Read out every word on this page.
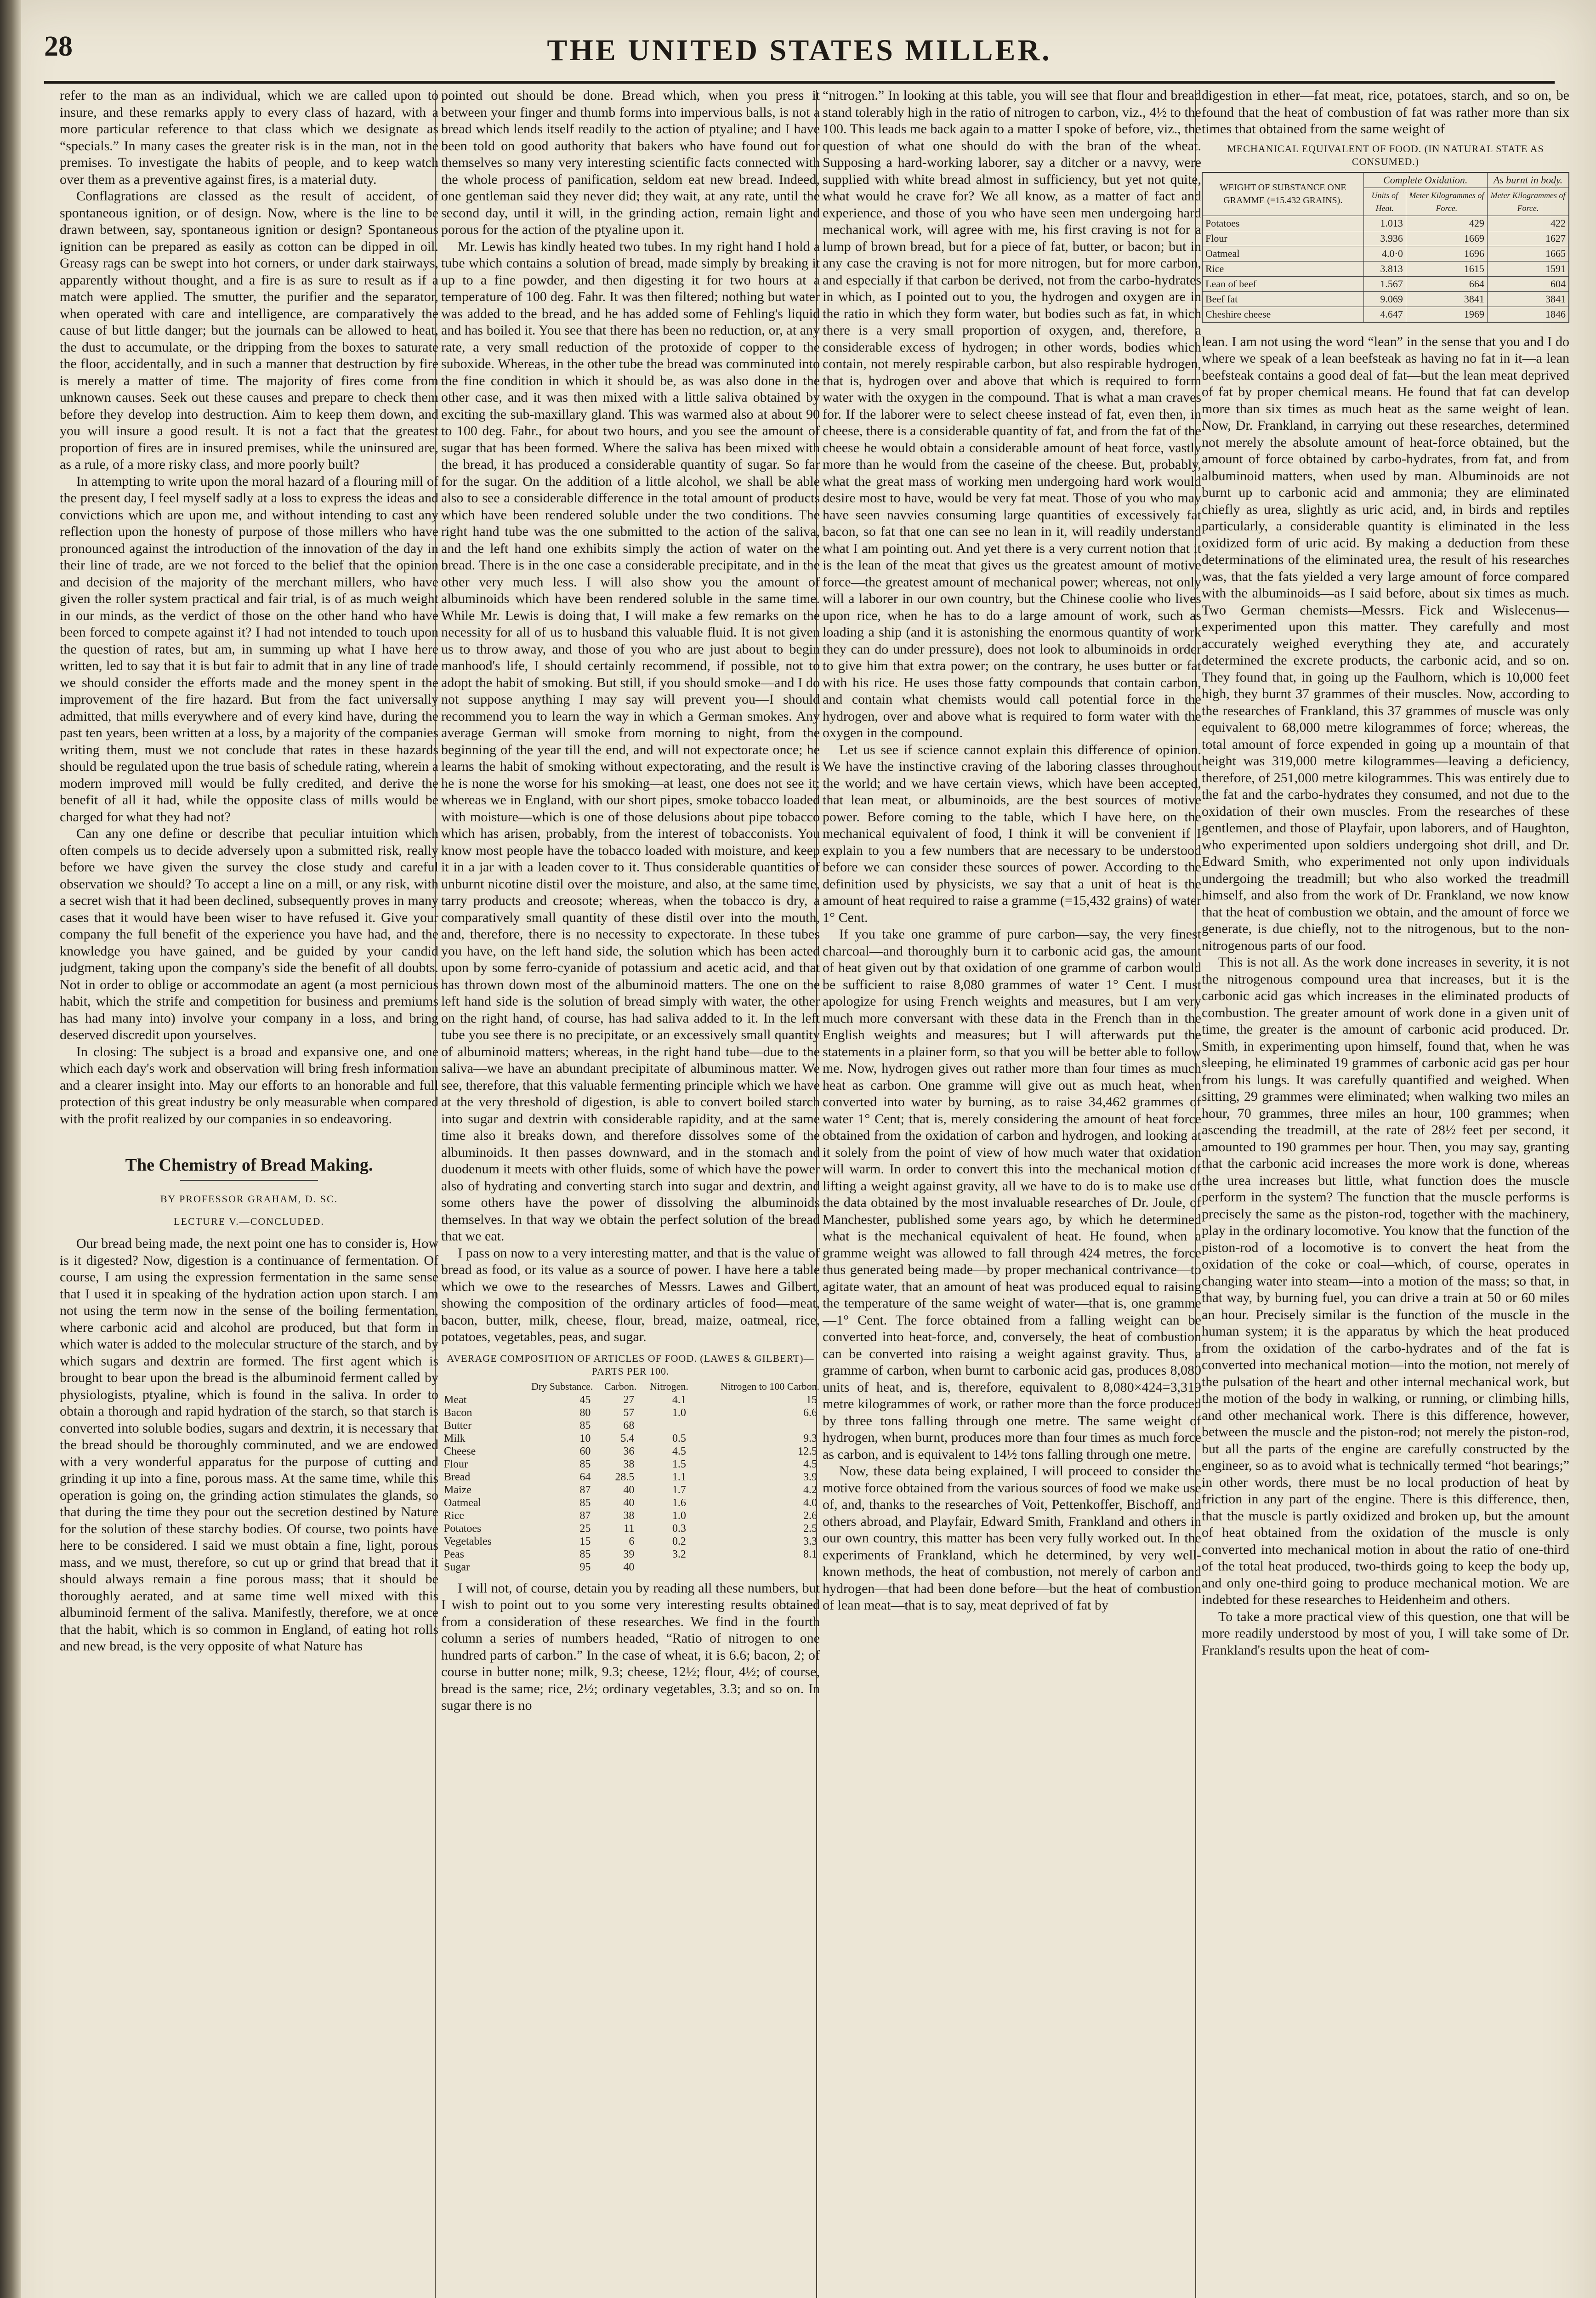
28	THE UNITED STATES MILLER.

refer to the man as an individual, which we are called upon to insure, and these remarks apply to every class of hazard, with a more particular reference to that class which we designate as “specials.” In many cases the greater risk is in the man, not in the premises. To investigate the habits of people, and to keep watch over them as a preventive against fires, is a material duty.

Conflagrations are classed as the result of accident, of spontaneous ignition, or of design. Now, where is the line to be drawn between, say, spontaneous ignition or design? Spontaneous ignition can be prepared as easily as cotton can be dipped in oil. Greasy rags can be swept into hot corners, or under dark stairways, apparently without thought, and a fire is as sure to result as if a match were applied. The smutter, the purifier and the separator, when operated with care and intelligence, are comparatively the cause of but little danger; but the journals can be allowed to heat, the dust to accumulate, or the dripping from the boxes to saturate the floor, accidentally, and in such a manner that destruction by fire is merely a matter of time. The majority of fires come from unknown causes. Seek out these causes and prepare to check them before they develop into destruction. Aim to keep them down, and you will insure a good result. It is not a fact that the greatest proportion of fires are in insured premises, while the uninsured are, as a rule, of a more risky class, and more poorly built?

In attempting to write upon the moral hazard of a flouring mill of the present day, I feel myself sadly at a loss to express the ideas and convictions which are upon me, and without intending to cast any reflection upon the honesty of purpose of those millers who have pronounced against the introduction of the innovation of the day in their line of trade, are we not forced to the belief that the opinion and decision of the majority of the merchant millers, who have given the roller system practical and fair trial, is of as much weight in our minds, as the verdict of those on the other hand who have been forced to compete against it? I had not intended to touch upon the question of rates, but am, in summing up what I have here written, led to say that it is but fair to admit that in any line of trade we should consider the efforts made and the money spent in the improvement of the fire hazard. But from the fact universally admitted, that mills everywhere and of every kind have, during the past ten years, been written at a loss, by a majority of the companies writing them, must we not conclude that rates in these hazards should be regulated upon the true basis of schedule rating, wherein a modern improved mill would be fully credited, and derive the benefit of all it had, while the opposite class of mills would be charged for what they had not?

Can any one define or describe that peculiar intuition which often compels us to decide adversely upon a submitted risk, really before we have given the survey the close study and careful observation we should? To accept a line on a mill, or any risk, with a secret wish that it had been declined, subsequently proves in many cases that it would have been wiser to have refused it. Give your company the full benefit of the experience you have had, and the knowledge you have gained, and be guided by your candid judgment, taking upon the company's side the benefit of all doubts. Not in order to oblige or accommodate an agent (a most pernicious habit, which the strife and competition for business and premiums has had many into) involve your company in a loss, and bring deserved discredit upon yourselves.

In closing: The subject is a broad and expansive one, and one which each day's work and observation will bring fresh information and a clearer insight into. May our efforts to an honorable and full protection of this great industry be only measurable when compared with the profit realized by our companies in so endeavoring.

The Chemistry of Bread Making.
BY PROFESSOR GRAHAM, D. SC.
LECTURE V.—CONCLUDED.

Our bread being made, the next point one has to consider is, How is it digested? Now, digestion is a continuance of fermentation. Of course, I am using the expression fermentation in the same sense that I used it in speaking of the hydration action upon starch. I am not using the term now in the sense of the boiling fermentation, where carbonic acid and alcohol are produced, but that form in which water is added to the molecular structure of the starch, and by which sugars and dextrin are formed. The first agent which is brought to bear upon the bread is the albuminoid ferment called by physiologists, ptyaline, which is found in the saliva. In order to obtain a thorough and rapid hydration of the starch, so that starch is converted into soluble bodies, sugars and dextrin, it is necessary that the bread should be thoroughly comminuted, and we are endowed with a very wonderful apparatus for the purpose of cutting and grinding it up into a fine, porous mass. At the same time, while this operation is going on, the grinding action stimulates the glands, so that during the time they pour out the secretion destined by Nature for the solution of these starchy bodies. Of course, two points have here to be considered. I said we must obtain a fine, light, porous mass, and we must, therefore, so cut up or grind that bread that it should always remain a fine porous mass; that it should be thoroughly aerated, and at same time well mixed with this albuminoid ferment of the saliva. Manifestly, therefore, we at once that the habit, which is so common in England, of eating hot rolls and new bread, is the very opposite of what Nature has

pointed out should be done. Bread which, when you press it between your finger and thumb forms into impervious balls, is not a bread which lends itself readily to the action of ptyaline; and I have been told on good authority that bakers who have found out for themselves so many very interesting scientific facts connected with the whole process of panification, seldom eat new bread. Indeed, one gentleman said they never did; they wait, at any rate, until the second day, until it will, in the grinding action, remain light and porous for the action of the ptyaline upon it.

Mr. Lewis has kindly heated two tubes. In my right hand I hold a tube which contains a solution of bread, made simply by breaking it up to a fine powder, and then digesting it for two hours at a temperature of 100 deg. Fahr. It was then filtered; nothing but water was added to the bread, and he has added some of Fehling's liquid and has boiled it. You see that there has been no reduction, or, at any rate, a very small reduction of the protoxide of copper to the suboxide. Whereas, in the other tube the bread was comminuted into the fine condition in which it should be, as was also done in the other case, and it was then mixed with a little saliva obtained by exciting the sub-maxillary gland. This was warmed also at about 90 to 100 deg. Fahr., for about two hours, and you see the amount of sugar that has been formed. Where the saliva has been mixed with the bread, it has produced a considerable quantity of sugar. So far for the sugar. On the addition of a little alcohol, we shall be able also to see a considerable difference in the total amount of products which have been rendered soluble under the two conditions. The right hand tube was the one submitted to the action of the saliva, and the left hand one exhibits simply the action of water on the bread. There is in the one case a considerable precipitate, and in the other very much less. I will also show you the amount of albuminoids which have been rendered soluble in the same time. While Mr. Lewis is doing that, I will make a few remarks on the necessity for all of us to husband this valuable fluid. It is not given us to throw away, and those of you who are just about to begin manhood's life, I should certainly recommend, if possible, not to adopt the habit of smoking. But still, if you should smoke—and I do not suppose anything I may say will prevent you—I should recommend you to learn the way in which a German smokes. Any average German will smoke from morning to night, from the beginning of the year till the end, and will not expectorate once; he learns the habit of smoking without expectorating, and the result is he is none the worse for his smoking—at least, one does not see it; whereas we in England, with our short pipes, smoke tobacco loaded with moisture—which is one of those delusions about pipe tobacco which has arisen, probably, from the interest of tobacconists. You know most people have the tobacco loaded with moisture, and keep it in a jar with a leaden cover to it. Thus considerable quantities of unburnt nicotine distil over the moisture, and also, at the same time, tarry products and creosote; whereas, when the tobacco is dry, a comparatively small quantity of these distil over into the mouth, and, therefore, there is no necessity to expectorate. In these tubes you have, on the left hand side, the solution which has been acted upon by some ferro-cyanide of potassium and acetic acid, and that has thrown down most of the albuminoid matters. The one on the left hand side is the solution of bread simply with water, the other on the right hand, of course, has had saliva added to it. In the left tube you see there is no precipitate, or an excessively small quantity of albuminoid matters; whereas, in the right hand tube—due to the saliva—we have an abundant precipitate of albuminous matter. We see, therefore, that this valuable fermenting principle which we have at the very threshold of digestion, is able to convert boiled starch into sugar and dextrin with considerable rapidity, and at the same time also it breaks down, and therefore dissolves some of the albuminoids. It then passes downward, and in the stomach and duodenum it meets with other fluids, some of which have the power also of hydrating and converting starch into sugar and dextrin, and some others have the power of dissolving the albuminoids themselves. In that way we obtain the perfect solution of the bread that we eat.

I pass on now to a very interesting matter, and that is the value of bread as food, or its value as a source of power. I have here a table which we owe to the researches of Messrs. Lawes and Gilbert, showing the composition of the ordinary articles of food—meat, bacon, butter, milk, cheese, flour, bread, maize, oatmeal, rice, potatoes, vegetables, peas, and sugar.

AVERAGE COMPOSITION OF ARTICLES OF FOOD. (LAWES & GILBERT)—PARTS PER 100.
	Dry Substance.	Carbon.	Nitrogen.	Nitrogen to 100 Carbon.
Meat	45	27	4.1	15
Bacon	80	57	1.0	6.6
Butter	85	68		
Milk	10	5.4	0.5	9.3
Cheese	60	36	4.5	12.5
Flour	85	38	1.5	4.5
Bread	64	28.5	1.1	3.9
Maize	87	40	1.7	4.2
Oatmeal	85	40	1.6	4.0
Rice	87	38	1.0	2.6
Potatoes	25	11	0.3	2.5
Vegetables	15	6	0.2	3.3
Peas	85	39	3.2	8.1
Sugar	95	40		

I will not, of course, detain you by reading all these numbers, but I wish to point out to you some very interesting results obtained from a consideration of these researches. We find in the fourth column a series of numbers headed, “Ratio of nitrogen to one hundred parts of carbon.” In the case of wheat, it is 6.6; bacon, 2; of course in butter none; milk, 9.3; cheese, 12½; flour, 4½; of course, bread is the same; rice, 2½; ordinary vegetables, 3.3; and so on. In sugar there is no

“nitrogen.” In looking at this table, you will see that flour and bread stand tolerably high in the ratio of nitrogen to carbon, viz., 4½ to the 100. This leads me back again to a matter I spoke of before, viz., the question of what one should do with the bran of the wheat. Supposing a hard-working laborer, say a ditcher or a navvy, were supplied with white bread almost in sufficiency, but yet not quite, what would he crave for? We all know, as a matter of fact and experience, and those of you who have seen men undergoing hard mechanical work, will agree with me, his first craving is not for a lump of brown bread, but for a piece of fat, butter, or bacon; but in any case the craving is not for more nitrogen, but for more carbon, and especially if that carbon be derived, not from the carbo-hydrates in which, as I pointed out to you, the hydrogen and oxygen are in the ratio in which they form water, but bodies such as fat, in which there is a very small proportion of oxygen, and, therefore, a considerable excess of hydrogen; in other words, bodies which contain, not merely respirable carbon, but also respirable hydrogen, that is, hydrogen over and above that which is required to form water with the oxygen in the compound. That is what a man craves for. If the laborer were to select cheese instead of fat, even then, in cheese, there is a considerable quantity of fat, and from the fat of the cheese he would obtain a considerable amount of heat force, vastly more than he would from the caseine of the cheese. But, probably, what the great mass of working men undergoing hard work would desire most to have, would be very fat meat. Those of you who may have seen navvies consuming large quantities of excessively fat bacon, so fat that one can see no lean in it, will readily understand what I am pointing out. And yet there is a very current notion that it is the lean of the meat that gives us the greatest amount of motive force—the greatest amount of mechanical power; whereas, not only will a laborer in our own country, but the Chinese coolie who lives upon rice, when he has to do a large amount of work, such as loading a ship (and it is astonishing the enormous quantity of work they can do under pressure), does not look to albuminoids in order to give him that extra power; on the contrary, he uses butter or fat with his rice. He uses those fatty compounds that contain carbon, and contain what chemists would call potential force in the hydrogen, over and above what is required to form water with the oxygen in the compound.

Let us see if science cannot explain this difference of opinion. We have the instinctive craving of the laboring classes throughout the world; and we have certain views, which have been accepted, that lean meat, or albuminoids, are the best sources of motive power. Before coming to the table, which I have here, on the mechanical equivalent of food, I think it will be convenient if I explain to you a few numbers that are necessary to be understood before we can consider these sources of power. According to the definition used by physicists, we say that a unit of heat is the amount of heat required to raise a gramme (=15,432 grains) of water 1° Cent.

If you take one gramme of pure carbon—say, the very finest charcoal—and thoroughly burn it to carbonic acid gas, the amount of heat given out by that oxidation of one gramme of carbon would be sufficient to raise 8,080 grammes of water 1° Cent. I must apologize for using French weights and measures, but I am very much more conversant with these data in the French than in the English weights and measures; but I will afterwards put the statements in a plainer form, so that you will be better able to follow me. Now, hydrogen gives out rather more than four times as much heat as carbon. One gramme will give out as much heat, when converted into water by burning, as to raise 34,462 grammes of water 1° Cent; that is, merely considering the amount of heat force obtained from the oxidation of carbon and hydrogen, and looking at it solely from the point of view of how much water that oxidation will warm. In order to convert this into the mechanical motion of lifting a weight against gravity, all we have to do is to make use of the data obtained by the most invaluable researches of Dr. Joule, of Manchester, published some years ago, by which he determined what is the mechanical equivalent of heat. He found, when a gramme weight was allowed to fall through 424 metres, the force thus generated being made—by proper mechanical contrivance—to agitate water, that an amount of heat was produced equal to raising the temperature of the same weight of water—that is, one gramme—1° Cent. The force obtained from a falling weight can be converted into heat-force, and, conversely, the heat of combustion can be converted into raising a weight against gravity. Thus, a gramme of carbon, when burnt to carbonic acid gas, produces 8,080 units of heat, and is, therefore, equivalent to 8,080×424=3,319 metre kilogrammes of work, or rather more than the force produced by three tons falling through one metre. The same weight of hydrogen, when burnt, produces more than four times as much force as carbon, and is equivalent to 14½ tons falling through one metre.

Now, these data being explained, I will proceed to consider the motive force obtained from the various sources of food we make use of, and, thanks to the researches of Voit, Pettenkoffer, Bischoff, and others abroad, and Playfair, Edward Smith, Frankland and others in our own country, this matter has been very fully worked out. In the experiments of Frankland, which he determined, by very well-known methods, the heat of combustion, not merely of carbon and hydrogen—that had been done before—but the heat of combustion of lean meat—that is to say, meat deprived of fat by

digestion in ether—fat meat, rice, potatoes, starch, and so on, be found that the heat of combustion of fat was rather more than six times that obtained from the same weight of

MECHANICAL EQUIVALENT OF FOOD. (IN NATURAL STATE AS CONSUMED.)
WEIGHT OF SUBSTANCE ONE GRAMME (=15.432 GRAINS).	Complete Oxidation.		As burnt in body.
	Units of Heat.	Meter Kilogrammes of Force.	Meter Kilogrammes of Force.
Potatoes	1.013	429	422
Flour	3.936	1669	1627
Oatmeal	4.0·0	1696	1665
Rice	3.813	1615	1591
Lean of beef	1.567	664	604
Beef fat	9.069	3841	3841
Cheshire cheese	4.647	1969	1846

lean. I am not using the word “lean” in the sense that you and I do where we speak of a lean beefsteak as having no fat in it—a lean beefsteak contains a good deal of fat—but the lean meat deprived of fat by proper chemical means. He found that fat can develop more than six times as much heat as the same weight of lean. Now, Dr. Frankland, in carrying out these researches, determined not merely the absolute amount of heat-force obtained, but the amount of force obtained by carbo-hydrates, from fat, and from albuminoid matters, when used by man. Albuminoids are not burnt up to carbonic acid and ammonia; they are eliminated chiefly as urea, slightly as uric acid, and, in birds and reptiles particularly, a considerable quantity is eliminated in the less oxidized form of uric acid. By making a deduction from these determinations of the eliminated urea, the result of his researches was, that the fats yielded a very large amount of force compared with the albuminoids—as I said before, about six times as much. Two German chemists—Messrs. Fick and Wislecenus—experimented upon this matter. They carefully and most accurately weighed everything they ate, and accurately determined the excrete products, the carbonic acid, and so on. They found that, in going up the Faulhorn, which is 10,000 feet high, they burnt 37 grammes of their muscles. Now, according to the researches of Frankland, this 37 grammes of muscle was only equivalent to 68,000 metre kilogrammes of force; whereas, the total amount of force expended in going up a mountain of that height was 319,000 metre kilogrammes—leaving a deficiency, therefore, of 251,000 metre kilogrammes. This was entirely due to the fat and the carbo-hydrates they consumed, and not due to the oxidation of their own muscles. From the researches of these gentlemen, and those of Playfair, upon laborers, and of Haughton, who experimented upon soldiers undergoing shot drill, and Dr. Edward Smith, who experimented not only upon individuals undergoing the treadmill; but who also worked the treadmill himself, and also from the work of Dr. Frankland, we now know that the heat of combustion we obtain, and the amount of force we generate, is due chiefly, not to the nitrogenous, but to the non-nitrogenous parts of our food.

This is not all. As the work done increases in severity, it is not the nitrogenous compound urea that increases, but it is the carbonic acid gas which increases in the eliminated products of combustion. The greater amount of work done in a given unit of time, the greater is the amount of carbonic acid produced. Dr. Smith, in experimenting upon himself, found that, when he was sleeping, he eliminated 19 grammes of carbonic acid gas per hour from his lungs. It was carefully quantified and weighed. When sitting, 29 grammes were eliminated; when walking two miles an hour, 70 grammes, three miles an hour, 100 grammes; when ascending the treadmill, at the rate of 28½ feet per second, it amounted to 190 grammes per hour. Then, you may say, granting that the carbonic acid increases the more work is done, whereas the urea increases but little, what function does the muscle perform in the system? The function that the muscle performs is precisely the same as the piston-rod, together with the machinery, play in the ordinary locomotive. You know that the function of the piston-rod of a locomotive is to convert the heat from the oxidation of the coke or coal—which, of course, operates in changing water into steam—into a motion of the mass; so that, in that way, by burning fuel, you can drive a train at 50 or 60 miles an hour. Precisely similar is the function of the muscle in the human system; it is the apparatus by which the heat produced from the oxidation of the carbo-hydrates and of the fat is converted into mechanical motion—into the motion, not merely of the pulsation of the heart and other internal mechanical work, but the motion of the body in walking, or running, or climbing hills, and other mechanical work. There is this difference, however, between the muscle and the piston-rod; not merely the piston-rod, but all the parts of the engine are carefully constructed by the engineer, so as to avoid what is technically termed “hot bearings;” in other words, there must be no local production of heat by friction in any part of the engine. There is this difference, then, that the muscle is partly oxidized and broken up, but the amount of heat obtained from the oxidation of the muscle is only converted into mechanical motion in about the ratio of one-third of the total heat produced, two-thirds going to keep the body up, and only one-third going to produce mechanical motion. We are indebted for these researches to Heidenheim and others.

To take a more practical view of this question, one that will be more readily understood by most of you, I will take some of Dr. Frankland's results upon the heat of com-
